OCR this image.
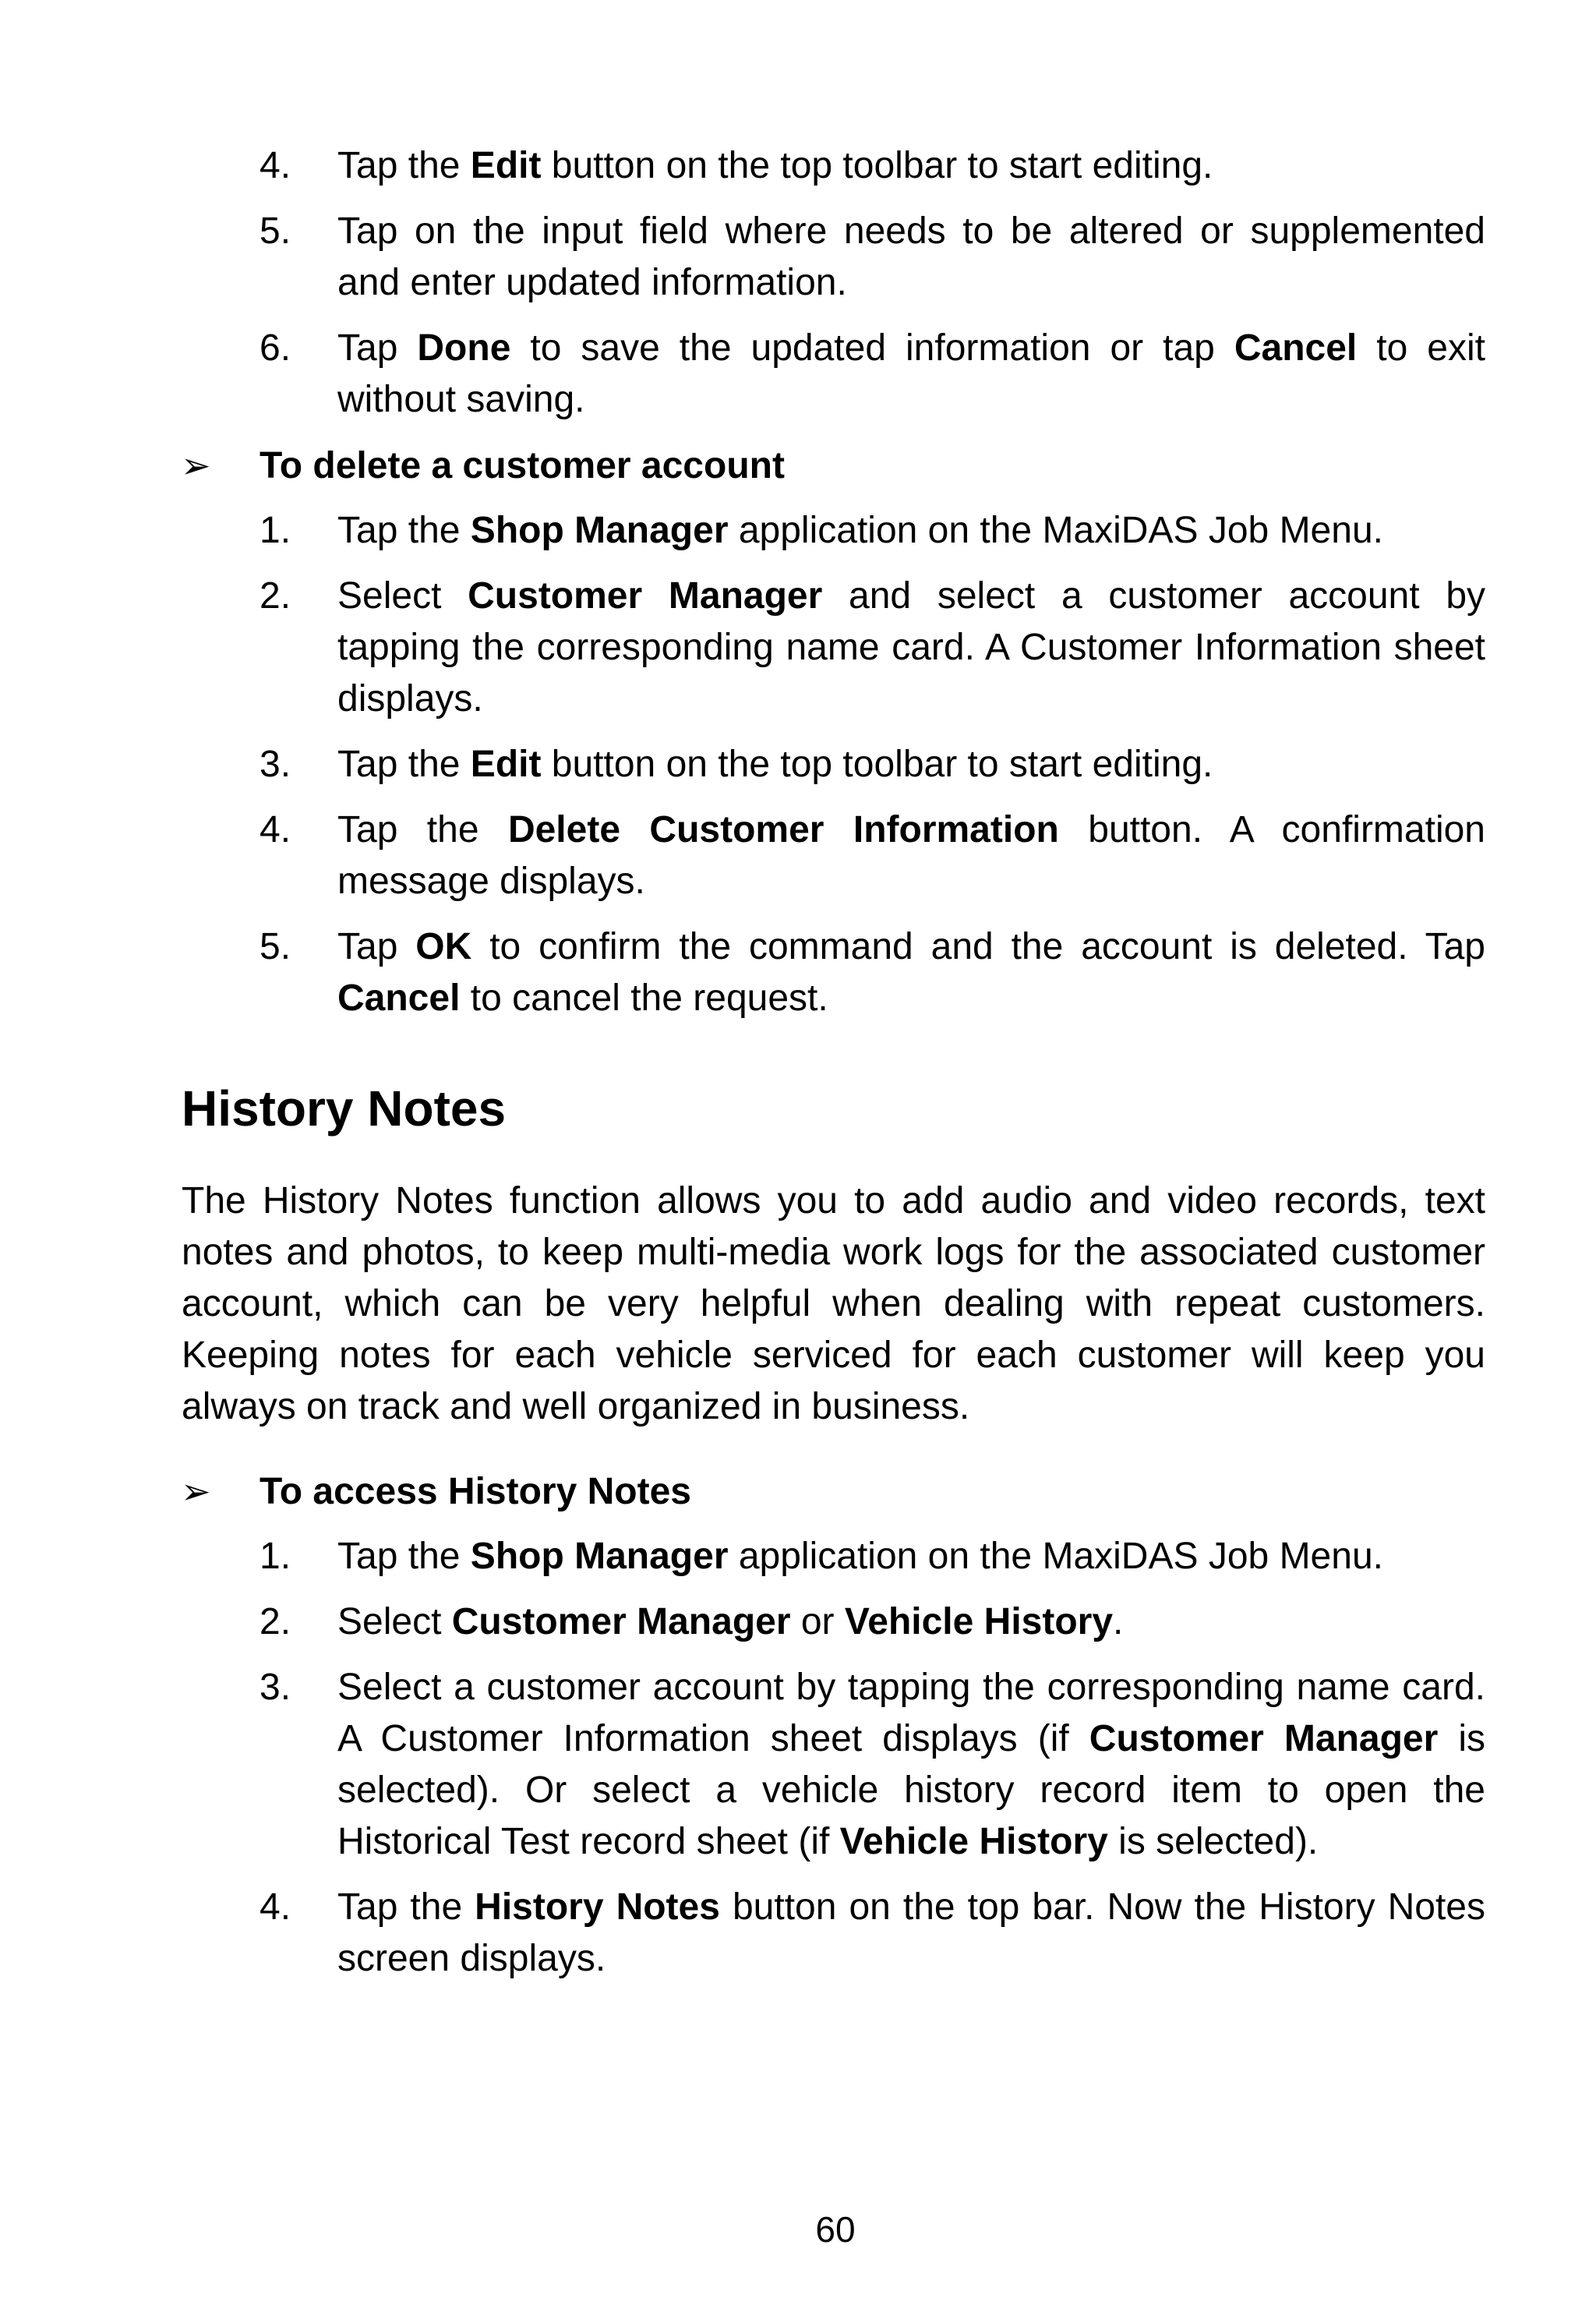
4. Tap the Edit button on the top toolbar to start editing.
5. Tap on the input field where needs to be altered or supplemented and enter updated information.
6. Tap Done to save the updated information or tap Cancel to exit without saving.
➢ To delete a customer account
1. Tap the Shop Manager application on the MaxiDAS Job Menu.
2. Select Customer Manager and select a customer account by tapping the corresponding name card. A Customer Information sheet displays.
3. Tap the Edit button on the top toolbar to start editing.
4. Tap the Delete Customer Information button. A confirmation message displays.
5. Tap OK to confirm the command and the account is deleted. Tap Cancel to cancel the request.
History Notes

The History Notes function allows you to add audio and video records, text notes and photos, to keep multi-media work logs for the associated customer account, which can be very helpful when dealing with repeat customers. Keeping notes for each vehicle serviced for each customer will keep you always on track and well organized in business.

➢ To access History Notes
1. Tap the Shop Manager application on the MaxiDAS Job Menu.
2. Select Customer Manager or Vehicle History.
3. Select a customer account by tapping the corresponding name card. A Customer Information sheet displays (if Customer Manager is selected). Or select a vehicle history record item to open the Historical Test record sheet (if Vehicle History is selected).
4. Tap the History Notes button on the top bar. Now the History Notes screen displays.
60
